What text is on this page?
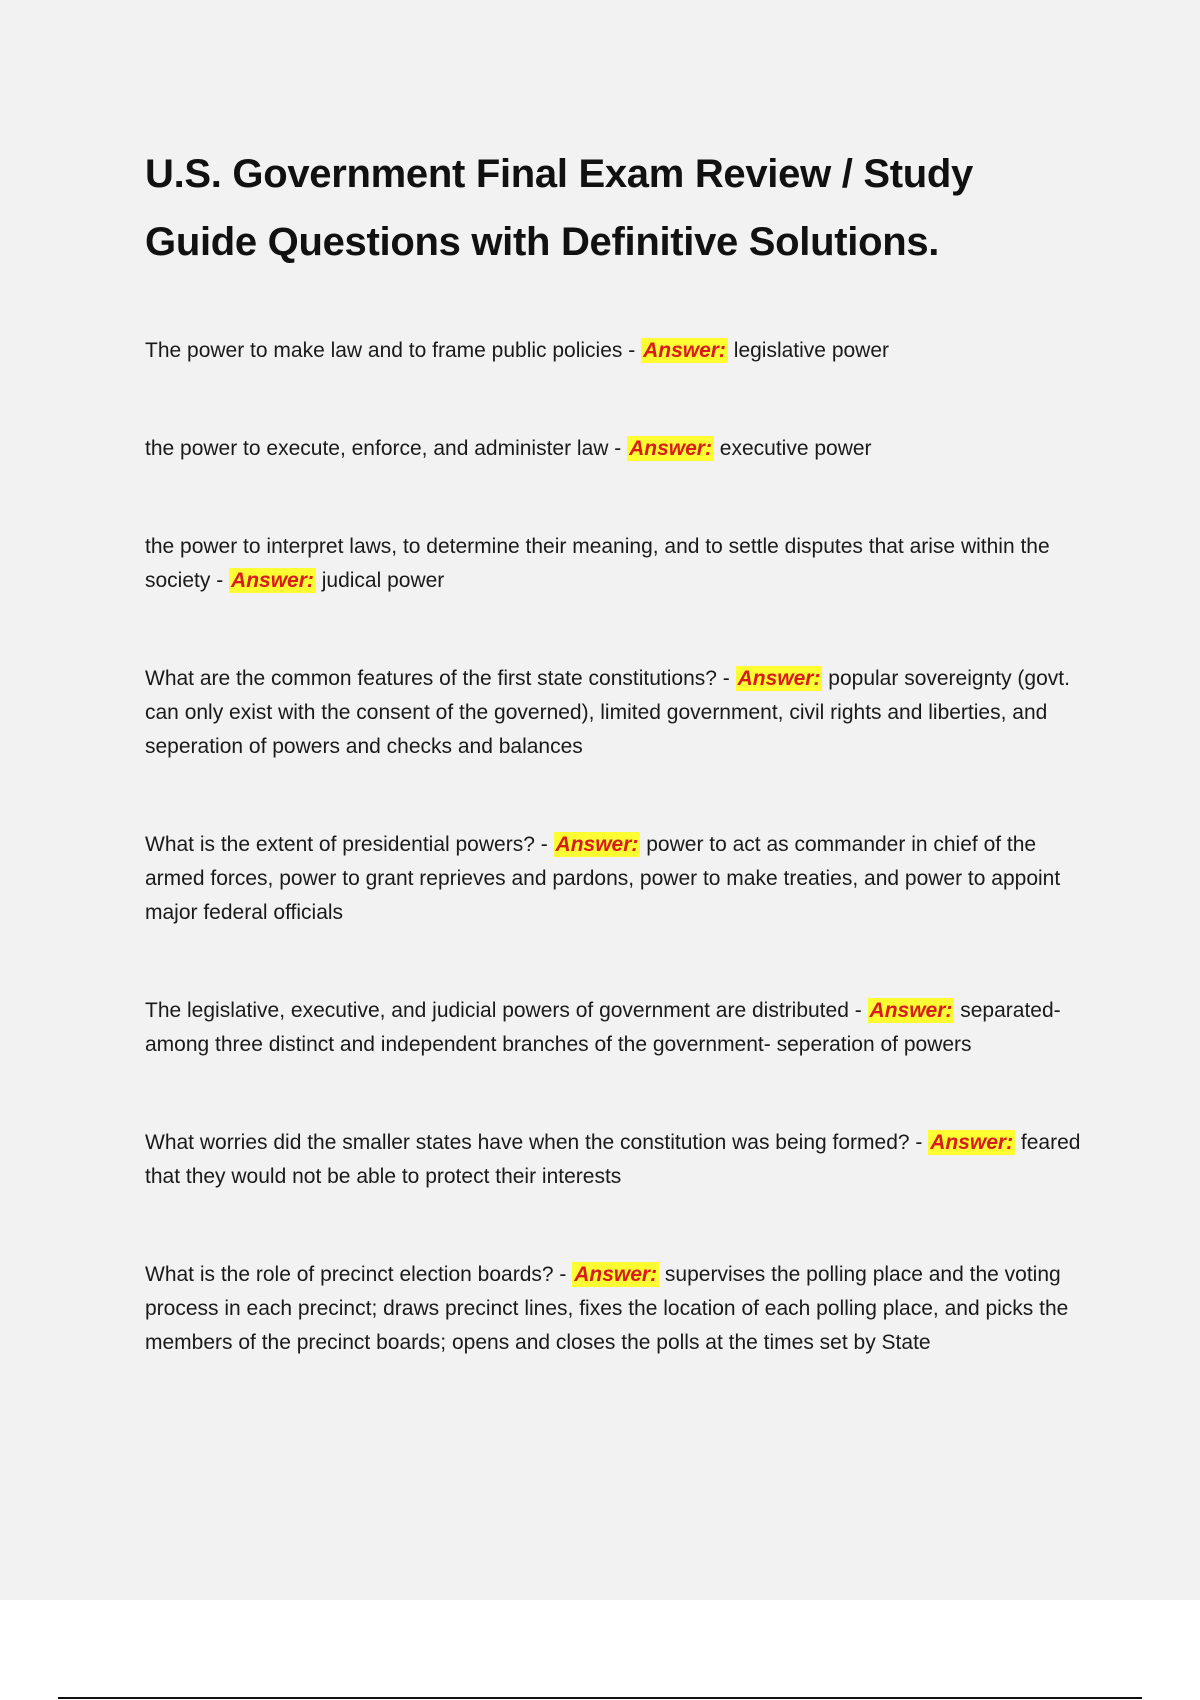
U.S. Government Final Exam Review / Study Guide Questions with Definitive Solutions.

The power to make law and to frame public policies - Answer: legislative power

the power to execute, enforce, and administer law - Answer: executive power

the power to interpret laws, to determine their meaning, and to settle disputes that arise within the society - Answer: judical power

What are the common features of the first state constitutions? - Answer: popular sovereignty (govt. can only exist with the consent of the governed), limited government, civil rights and liberties, and seperation of powers and checks and balances

What is the extent of presidential powers? - Answer: power to act as commander in chief of the armed forces, power to grant reprieves and pardons, power to make treaties, and power to appoint major federal officials

The legislative, executive, and judicial powers of government are distributed - Answer: separated-among three distinct and independent branches of the government- seperation of powers

What worries did the smaller states have when the constitution was being formed? - Answer: feared that they would not be able to protect their interests

What is the role of precinct election boards? - Answer: supervises the polling place and the voting process in each precinct; draws precinct lines, fixes the location of each polling place, and picks the members of the precinct boards; opens and closes the polls at the times set by State
